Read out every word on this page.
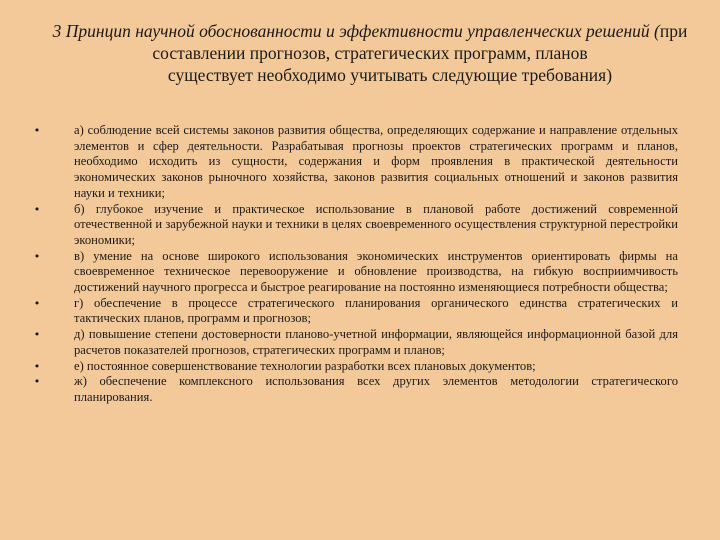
3 Принцип научной обоснованности и эффективности управленческих решений (при составлении прогнозов, стратегических программ, планов
существует необходимо учитывать следующие требования)
•	а) соблюдение всей системы законов развития общества, определяющих содержание и направление отдельных элементов и сфер деятельности. Разрабатывая прогнозы проектов стратегических программ и планов, необходимо исходить из сущности, содержания и форм проявления в практической деятельности экономических законов рыночного хозяйства, законов развития социальных отношений и законов развития науки и техники;
•	б) глубокое изучение и практическое использование в плановой работе достижений современной отечественной и зарубежной науки и техники в целях своевременного осуществления структурной перестройки экономики;
•	в) умение на основе широкого использования экономических инструментов ориентировать фирмы на своевременное техническое перевооружение и обновление производства, на гибкую восприимчивость достижений научного прогресса и быстрое реагирование на постоянно изменяющиеся потребности общества;
•	г) обеспечение в процессе стратегического планирования органического единства стратегических и тактических планов, программ и прогнозов;
•	д) повышение степени достоверности планово-учетной информации, являющейся информационной базой для расчетов показателей прогнозов, стратегических программ и планов;
•	е) постоянное совершенствование технологии разработки всех плановых документов;
•	ж) обеспечение комплексного использования всех других элементов методологии стратегического планирования.
